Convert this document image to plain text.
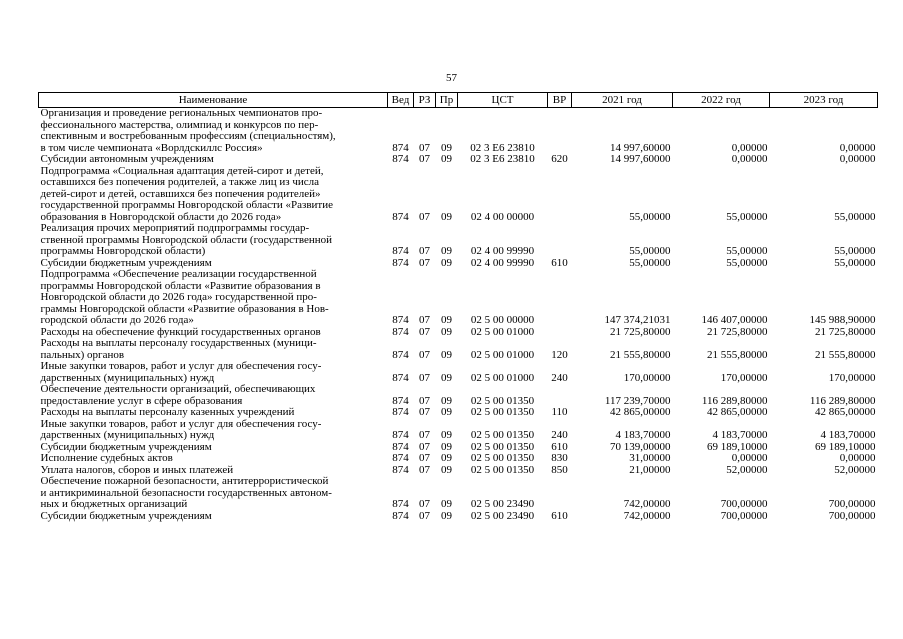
57
Наименование	Вед	РЗ	Пр	ЦСТ	ВР	2021 год	2022 год	2023 год

Организация и проведение региональных чемпионатов про-
фессионального мастерства, олимпиад и конкурсов по пер-
спективным и востребованным профессиям (специальностям),
в том числе чемпионата «Ворлдскиллс Россия»	874	07	09	02 3 Е6 23810		14 997,60000	0,00000	0,00000

Субсидии автономным учреждениям	874	07	09	02 3 Е6 23810	620	14 997,60000	0,00000	0,00000

Подпрограмма «Социальная адаптация детей-сирот и детей,
оставшихся без попечения родителей, а также лиц из числа
детей-сирот и детей, оставшихся без попечения родителей»
государственной программы Новгородской области «Развитие
образования в Новгородской области до 2026 года»	874	07	09	02 4 00 00000		55,00000	55,00000	55,00000

Реализация прочих мероприятий подпрограммы государ-
ственной программы Новгородской области (государственной
программы Новгородской области)	874	07	09	02 4 00 99990		55,00000	55,00000	55,00000

Субсидии бюджетным учреждениям	874	07	09	02 4 00 99990	610	55,00000	55,00000	55,00000

Подпрограмма «Обеспечение реализации государственной
программы Новгородской области «Развитие образования в
Новгородской области до 2026 года» государственной про-
граммы Новгородской области «Развитие образования в Нов-
городской области до 2026 года»	874	07	09	02 5 00 00000		147 374,21031	146 407,00000	145 988,90000

Расходы на обеспечение функций государственных органов	874	07	09	02 5 00 01000		21 725,80000	21 725,80000	21 725,80000

Расходы на выплаты персоналу государственных (муници-
пальных) органов	874	07	09	02 5 00 01000	120	21 555,80000	21 555,80000	21 555,80000

Иные закупки товаров, работ и услуг для обеспечения госу-
дарственных (муниципальных) нужд	874	07	09	02 5 00 01000	240	170,00000	170,00000	170,00000

Обеспечение деятельности организаций, обеспечивающих
предоставление услуг в сфере образования	874	07	09	02 5 00 01350		117 239,70000	116 289,80000	116 289,80000

Расходы на выплаты персоналу казенных учреждений	874	07	09	02 5 00 01350	110	42 865,00000	42 865,00000	42 865,00000

Иные закупки товаров, работ и услуг для обеспечения госу-
дарственных (муниципальных) нужд	874	07	09	02 5 00 01350	240	4 183,70000	4 183,70000	4 183,70000

Субсидии бюджетным учреждениям	874	07	09	02 5 00 01350	610	70 139,00000	69 189,10000	69 189,10000

Исполнение судебных актов	874	07	09	02 5 00 01350	830	31,00000	0,00000	0,00000

Уплата налогов, сборов и иных платежей	874	07	09	02 5 00 01350	850	21,00000	52,00000	52,00000

Обеспечение пожарной безопасности, антитеррористической
и антикриминальной безопасности государственных автоном-
ных и бюджетных организаций	874	07	09	02 5 00 23490		742,00000	700,00000	700,00000

Субсидии бюджетным учреждениям	874	07	09	02 5 00 23490	610	742,00000	700,00000	700,00000
